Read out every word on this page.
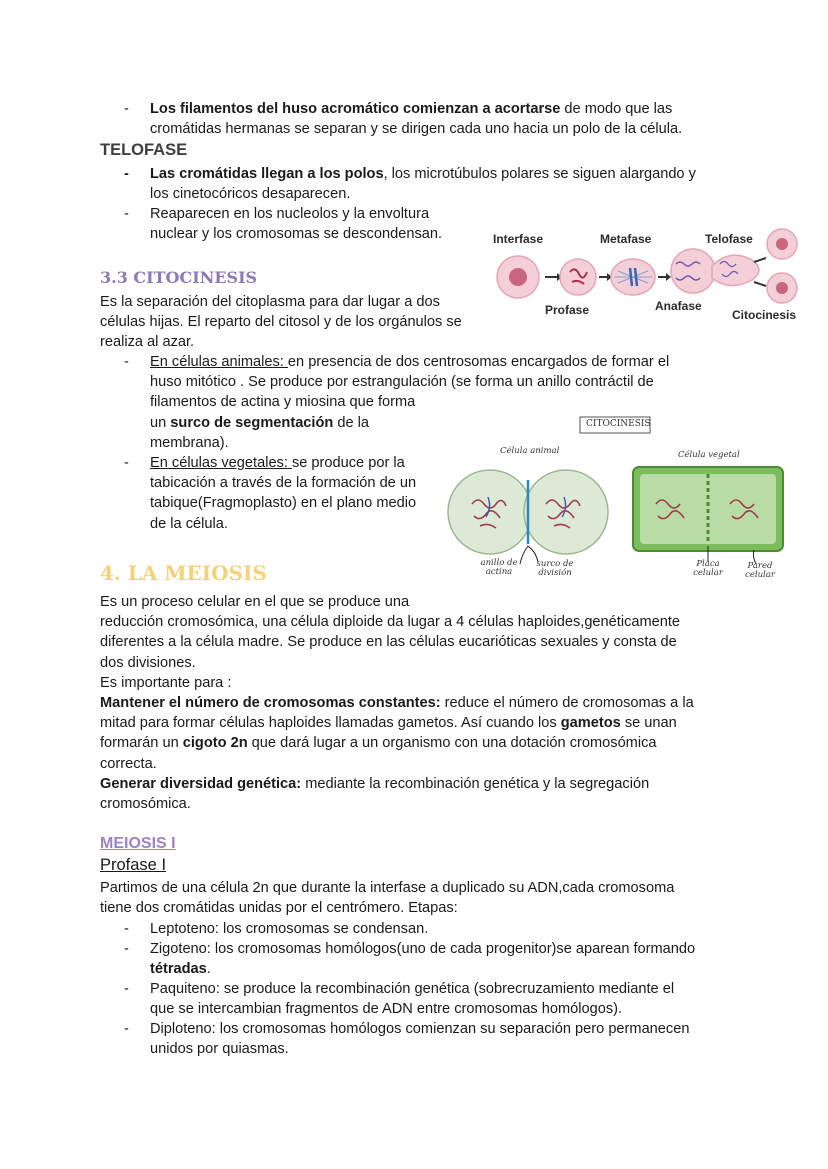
- Los filamentos del huso acromático comienzan a acortarse de modo que las
cromátidas hermanas se separan y se dirigen cada uno hacia un polo de la célula.
TELOFASE
- Las cromátidas llegan a los polos, los microtúbulos polares se siguen alargando y
los cinetocóricos desaparecen.
- Reaparecen en los nucleolos y la envoltura
nuclear y los cromosomas se descondensan.	Interfase	Metafase	Telofase
Profase	Anafase
Citocinesis
3.3 CITOCINESIS
Es la separación del citoplasma para dar lugar a dos
células hijas. El reparto del citosol y de los orgánulos se
realiza al azar.
- En células animales: en presencia de dos centrosomas encargados de formar el
huso mitótico . Se produce por estrangulación (se forma un anillo contráctil de
filamentos de actina y miosina que forma
un surco de segmentación de la
membrana).
- En células vegetales: se produce por la
tabicación a través de la formación de un
tabique(Fragmoplasto) en el plano medio
de la célula.
CITOCINESIS
Célula animal	Célula vegetal
anillo de actina
surco de división
Placa celular
Pared celular
4. LA MEIOSIS
Es un proceso celular en el que se produce una
reducción cromosómica, una célula diploide da lugar a 4 células haploides,genéticamente
diferentes a la célula madre. Se produce en las células eucarióticas sexuales y consta de
dos divisiones.
Es importante para :
Mantener el número de cromosomas constantes: reduce el número de cromosomas a la
mitad para formar células haploides llamadas gametos. Así cuando los gametos se unan
formarán un cigoto 2n que dará lugar a un organismo con una dotación cromosómica
correcta.
Generar diversidad genética: mediante la recombinación genética y la segregación
cromosómica.
MEIOSIS I
Profase I
Partimos de una célula 2n que durante la interfase a duplicado su ADN,cada cromosoma
tiene dos cromátidas unidas por el centrómero. Etapas:
- Leptoteno: los cromosomas se condensan.
- Zigoteno: los cromosomas homólogos(uno de cada progenitor)se aparean formando
tétradas.
- Paquiteno: se produce la recombinación genética (sobrecruzamiento mediante el
que se intercambian fragmentos de ADN entre cromosomas homólogos).
- Diploteno: los cromosomas homólogos comienzan su separación pero permanecen
unidos por quiasmas.
